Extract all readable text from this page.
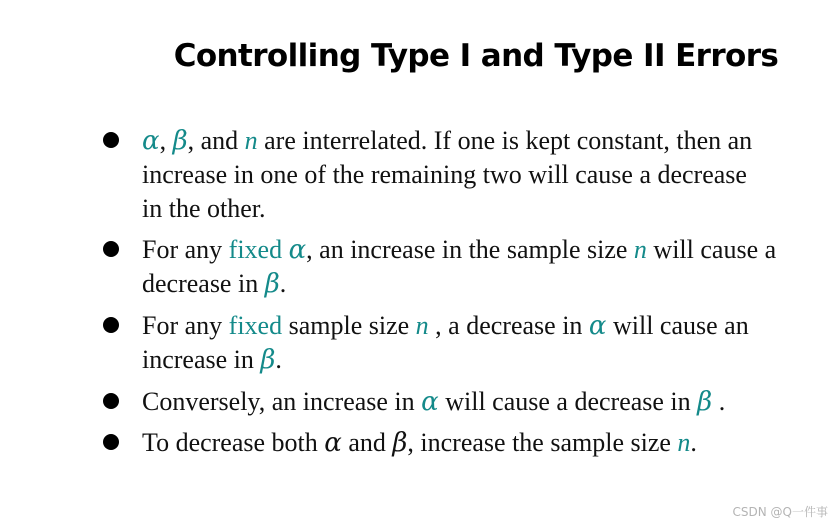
Controlling Type I and Type II Errors
α, β, and n are interrelated. If one is kept constant, then an
increase in one of the remaining two will cause a decrease
in the other.
For any fixed α, an increase in the sample size n will cause a
decrease in β.
For any fixed sample size n , a decrease in α will cause an
increase in β.
Conversely, an increase in α will cause a decrease in β .
To decrease both α and β, increase the sample size n.
CSDN @Q一件事
